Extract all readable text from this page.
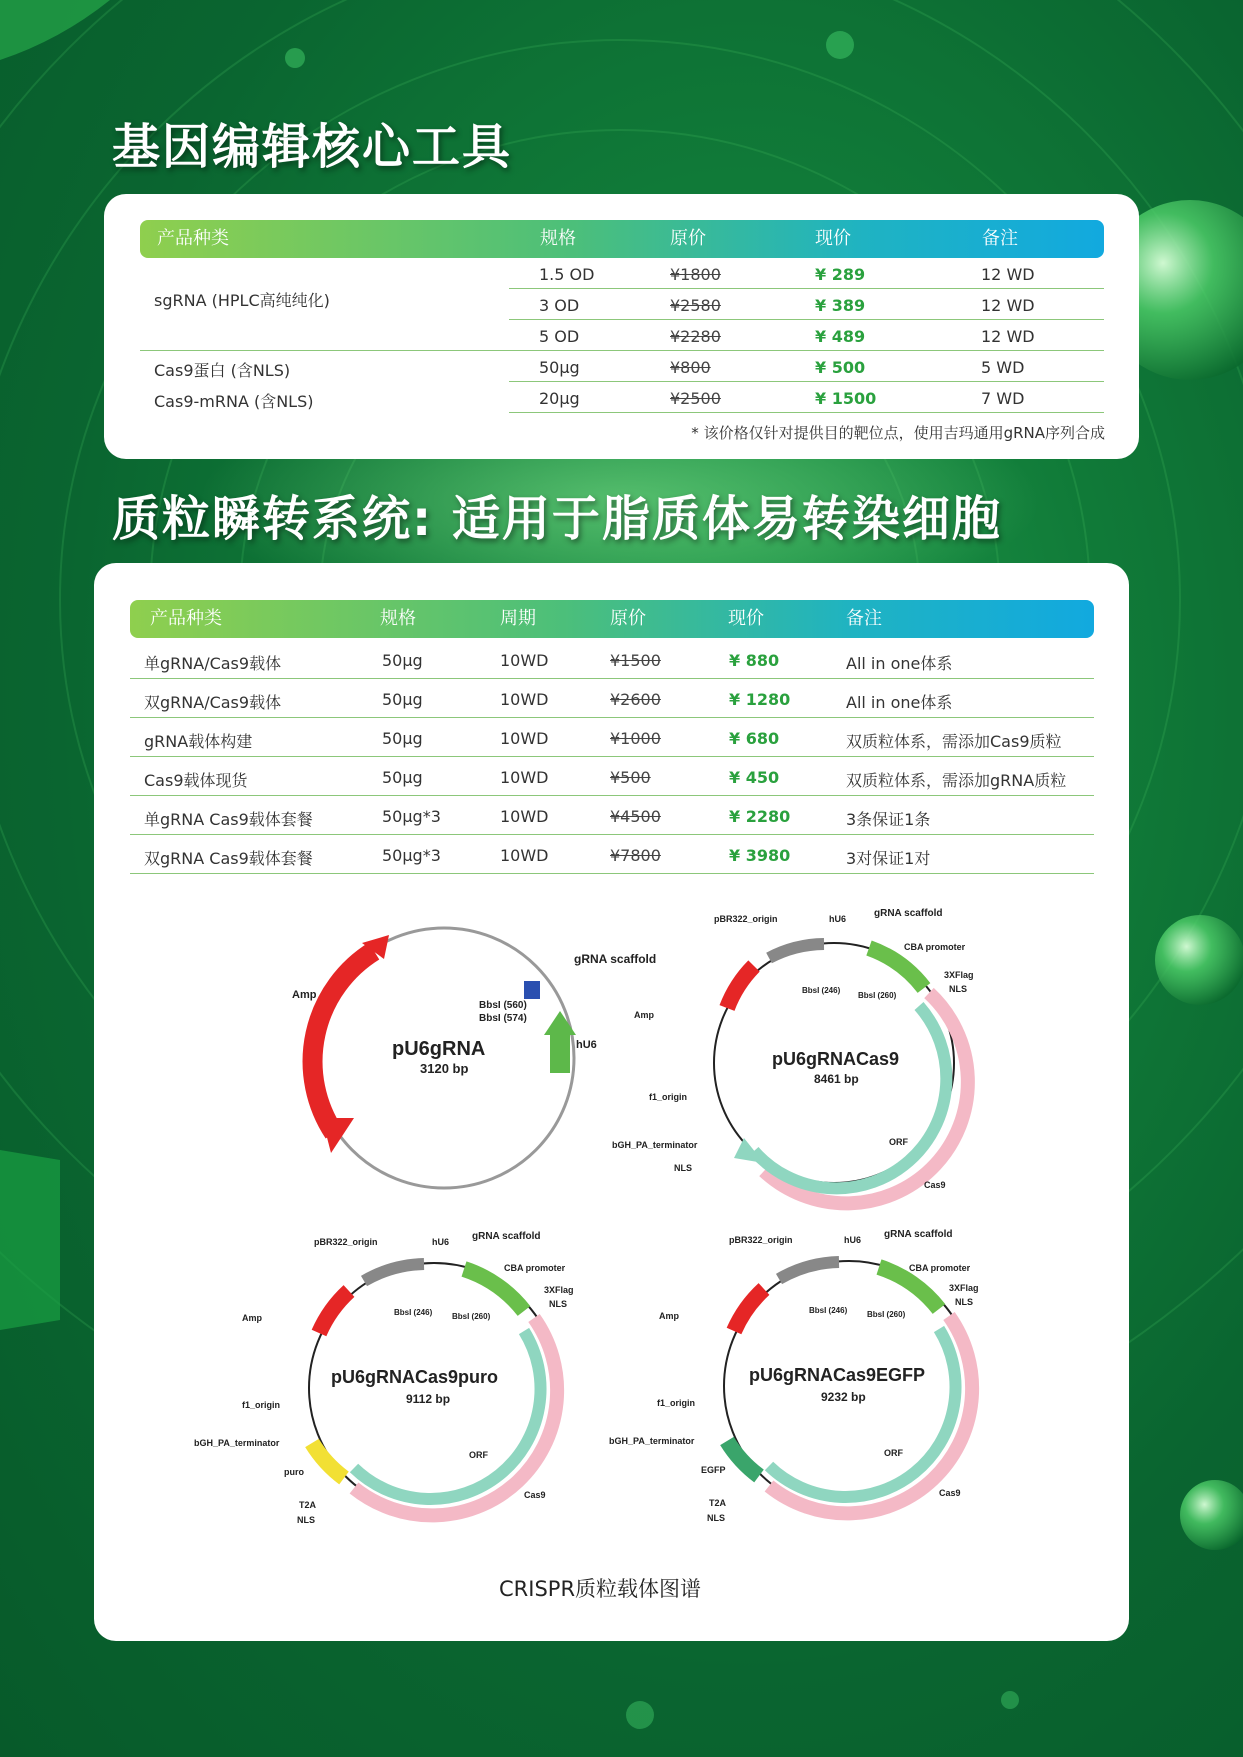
基因编辑核心工具
产品种类	规格	原价	现价	备注
sgRNA (HPLC高纯纯化)
1.5 OD	¥1800	¥ 289	12 WD
3 OD	¥2580	¥ 389	12 WD
5 OD	¥2280	¥ 489	12 WD
Cas9蛋白 (含NLS)	50μg	¥800	¥ 500	5 WD
Cas9-mRNA (含NLS)	20μg	¥2500	¥ 1500	7 WD
* 该价格仅针对提供目的靶位点，使用吉玛通用gRNA序列合成
质粒瞬转系统: 适用于脂质体易转染细胞
产品种类	规格	周期	原价	现价	备注
单gRNA/Cas9载体	50μg	10WD	¥1500	¥ 880	All in one体系
双gRNA/Cas9载体	50μg	10WD	¥2600	¥ 1280	All in one体系
gRNA载体构建	50μg	10WD	¥1000	¥ 680	双质粒体系，需添加Cas9质粒
Cas9载体现货	50μg	10WD	¥500	¥ 450	双质粒体系，需添加gRNA质粒
单gRNA Cas9载体套餐	50μg*3	10WD	¥4500	¥ 2280	3条保证1条
双gRNA Cas9载体套餐	50μg*3	10WD	¥7800	¥ 3980	3对保证1对
Amp
gRNA scaffold
hU6
BbsI (560)
BbsI (574)
pU6gRNA
3120 bp
Amp
pBR322_origin	hU6	gRNA scaffold
CBA promoter
3XFlag
NLS
BbsI (246)
BbsI (260)
f1_origin
bGH_PA_terminator
NLS
ORF
Cas9
pU6gRNACas9
8461 bp
Amp
pBR322_origin	hU6 gRNA scaffold
CBA promoter
3XFlag
NLS
BbsI (246) BbsI (260)
f1_origin
bGH_PA_terminator
puro
T2A
NLS
ORF
Cas9
pU6gRNACas9puro
9112 bp
Amp
pBR322_origin	hU6 gRNA scaffold
CBA promoter
3XFlag
NLS
BbsI (246) BbsI (260)
f1_origin
bGH_PA_terminator
EGFP
T2A
NLS
ORF
Cas9
pU6gRNACas9EGFP
9232 bp
CRISPR质粒载体图谱
